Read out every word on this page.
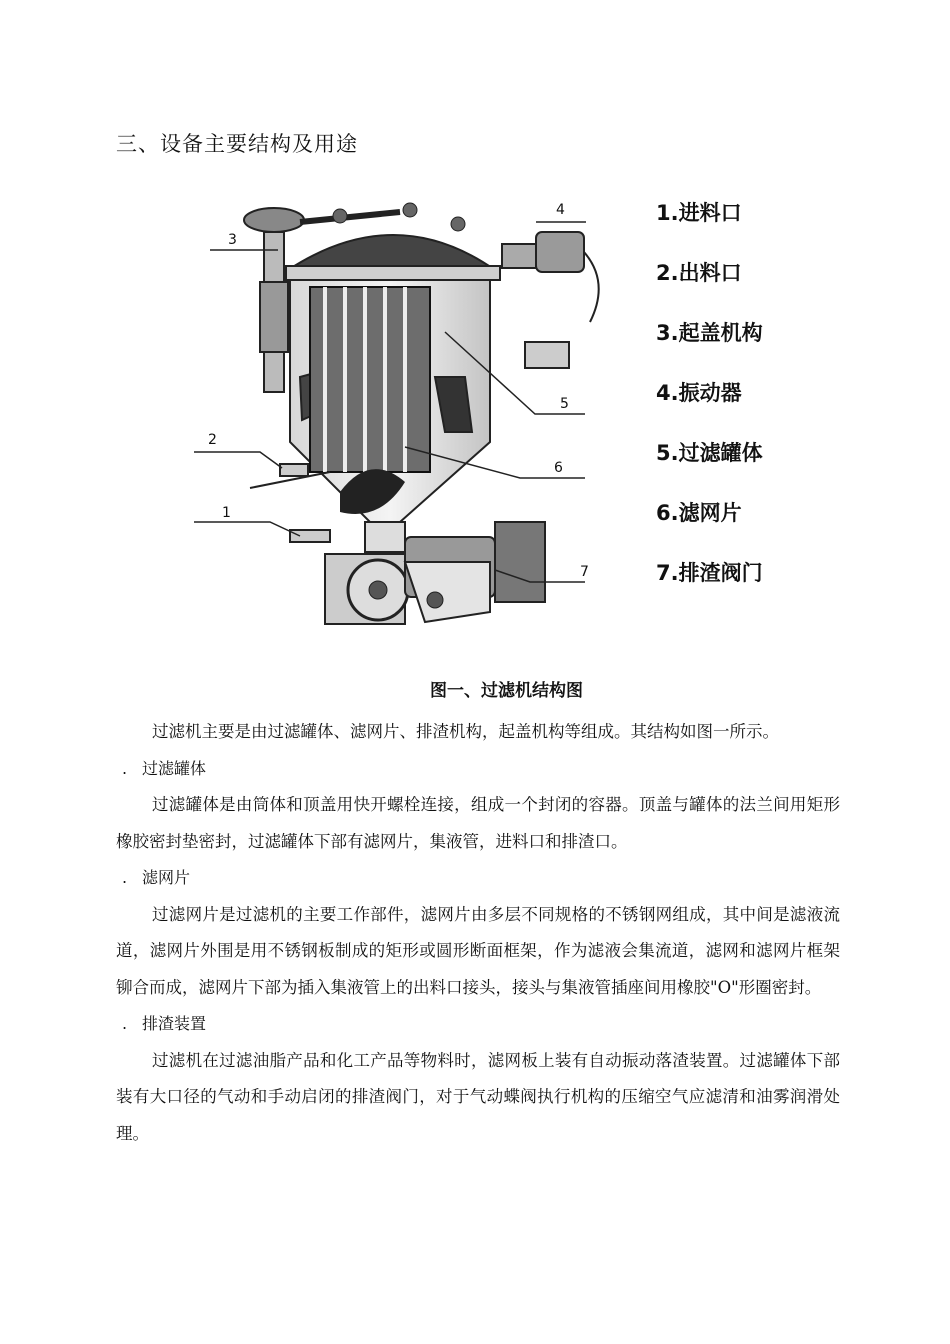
三、设备主要结构及用途
1
2
3
4
5
6
7
1.进料口
2.出料口
3.起盖机构
4.振动器
5.过滤罐体
6.滤网片
7.排渣阀门
图一、过滤机结构图

过滤机主要是由过滤罐体、滤网片、排渣机构，起盖机构等组成。其结构如图一所示。

. 过滤罐体

过滤罐体是由筒体和顶盖用快开螺栓连接，组成一个封闭的容器。顶盖与罐体的法兰间用矩形橡胶密封垫密封，过滤罐体下部有滤网片，集液管，进料口和排渣口。

. 滤网片

过滤网片是过滤机的主要工作部件，滤网片由多层不同规格的不锈钢网组成，其中间是滤液流道，滤网片外围是用不锈钢板制成的矩形或圆形断面框架，作为滤液会集流道，滤网和滤网片框架铆合而成，滤网片下部为插入集液管上的出料口接头，接头与集液管插座间用橡胶"O"形圈密封。

. 排渣装置

过滤机在过滤油脂产品和化工产品等物料时，滤网板上装有自动振动落渣装置。过滤罐体下部装有大口径的气动和手动启闭的排渣阀门，对于气动蝶阀执行机构的压缩空气应滤清和油雾润滑处理。
